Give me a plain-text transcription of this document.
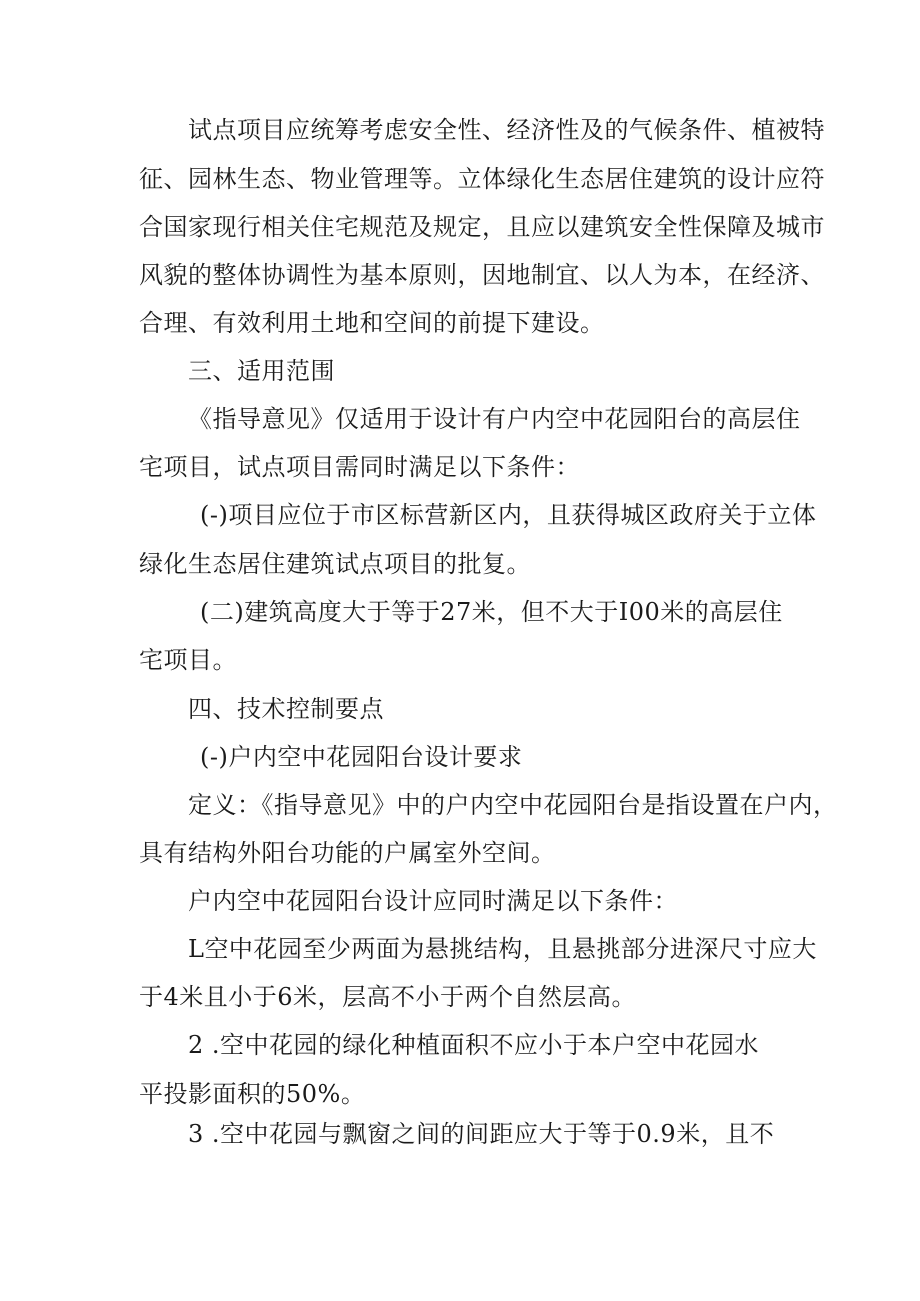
试点项目应统筹考虑安全性、经济性及的气候条件、植被特

征、园林生态、物业管理等。立体绿化生态居住建筑的设计应符

合国家现行相关住宅规范及规定，且应以建筑安全性保障及城市

风貌的整体协调性为基本原则，因地制宜、以人为本，在经济、

合理、有效利用土地和空间的前提下建设。

三、适用范围

《指导意见》仅适用于设计有户内空中花园阳台的高层住

宅项目，试点项目需同时满足以下条件：

(-)项目应位于市区标营新区内，且获得城区政府关于立体

绿化生态居住建筑试点项目的批复。

(二)建筑高度大于等于27米，但不大于I00米的高层住

宅项目。

四、技术控制要点

(-)户内空中花园阳台设计要求

定义：《指导意见》中的户内空中花园阳台是指设置在户内，

具有结构外阳台功能的户属室外空间。

户内空中花园阳台设计应同时满足以下条件：

L空中花园至少两面为悬挑结构，且悬挑部分进深尺寸应大

于4米且小于6米，层高不小于两个自然层高。

2 .空中花园的绿化种植面积不应小于本户空中花园水

平投影面积的50%。

3 .空中花园与飘窗之间的间距应大于等于0.9米，且不
